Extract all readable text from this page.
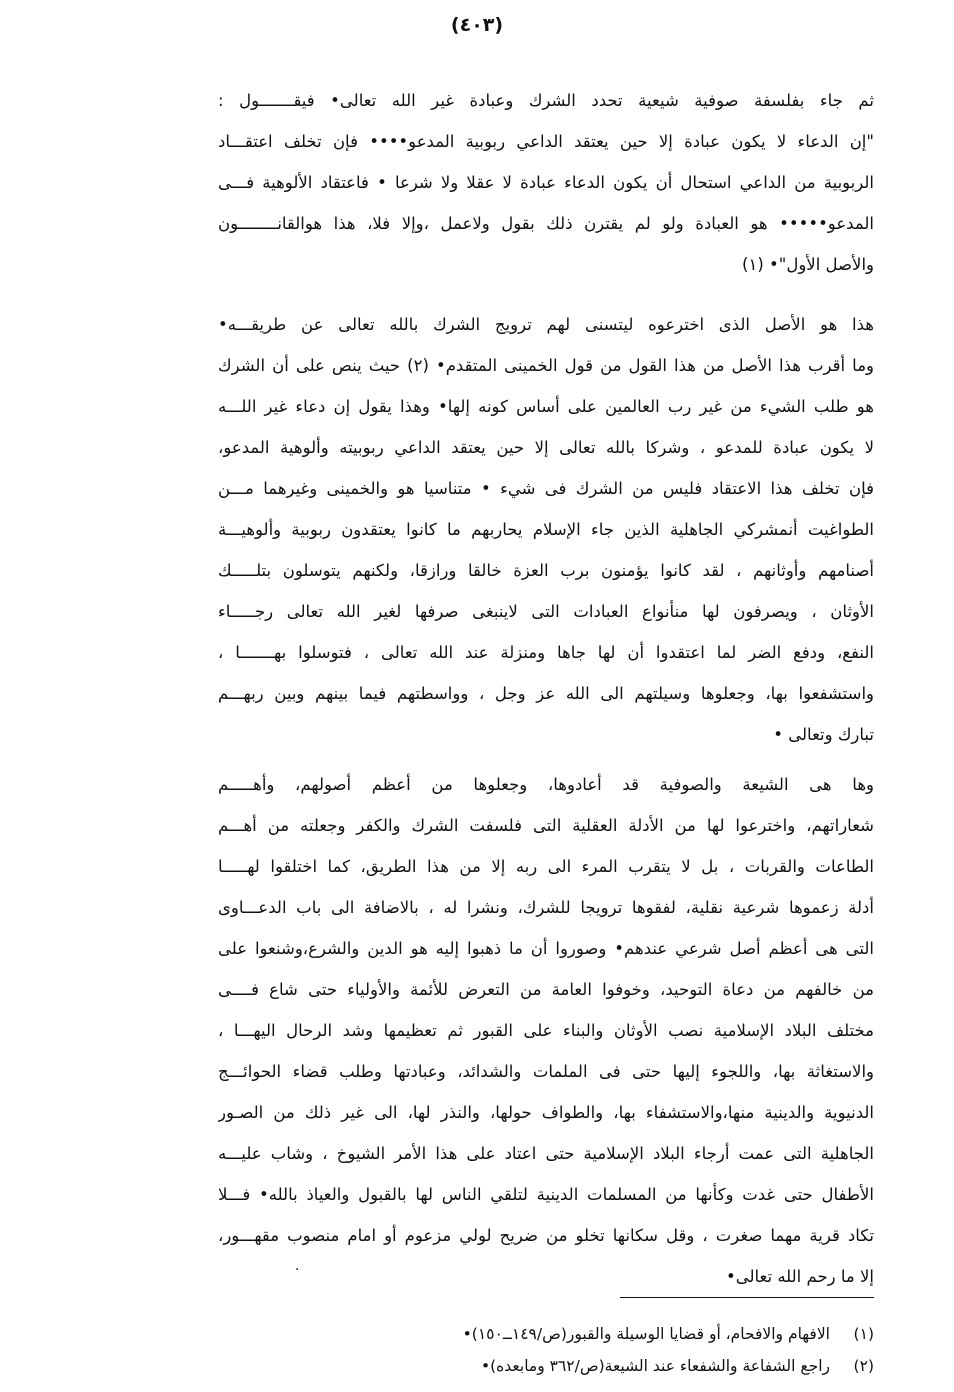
(٤٠٣)
ثم جاء بفلسفة صوفية شيعية تحدد الشرك وعبادة غير الله تعالى• فيقـــــــول :
"إن الدعاء لا يكون عبادة إلا حين يعتقد الداعي ربوبية المدعو•••• فإن تخلف اعتقـــاد
الربوبية من الداعي استحال أن يكون الدعاء عبادة لا عقلا ولا شرعا • فاعتقاد الألوهية فـــى
المدعو••••• هو العبادة ولو لم يقترن ذلك بقول ولاعمل ،وإلا فلا، هذا هوالقانــــــــون
والأصل الأول"• (١)
هذا هو الأصل الذى اخترعوه ليتسنى لهم ترويج الشرك بالله تعالى عن طريقـــه•
وما أقرب هذا الأصل من هذا القول من قول الخمينى المتقدم• (٢) حيث ينص على أن الشرك
هو طلب الشيء من غير رب العالمين على أساس كونه إلها• وهذا يقول إن دعاء غير اللـــه
لا يكون عبادة للمدعو ، وشركا بالله تعالى إلا حين يعتقد الداعي ربوبيته وألوهية المدعو،
فإن تخلف هذا الاعتقاد فليس من الشرك فى شيء • متناسيا هو والخمينى وغيرهما مـــن
الطواغيت أنمشركي الجاهلية الذين جاء الإسلام يحاربهم ما كانوا يعتقدون ربوبية وألوهيـــة
أصنامهم وأوثانهم ، لقد كانوا يؤمنون برب العزة خالقا ورازقا، ولكنهم يتوسلون بتلـــــك
الأوثان ، ويصرفون لها منأنواع العبادات التى لاينبغى صرفها لغير الله تعالى رجـــــاء
النفع، ودفع الضر لما اعتقدوا أن لها جاها ومنزلة عند الله تعالى ، فتوسلوا بهـــــــا ،
واستشفعوا بها، وجعلوها وسيلتهم الى الله عز وجل ، وواسطتهم فيما بينهم وبين ربهـــم
تبارك وتعالى •
وها هى الشيعة والصوفية قد أعادوها، وجعلوها من أعظم أصولهم، وأهـــــم
شعاراتهم، واخترعوا لها من الأدلة العقلية التى فلسفت الشرك والكفر وجعلته من أهـــم
الطاعات والقربات ، بل لا يتقرب المرء الى ربه إلا من هذا الطريق، كما اختلقوا لهـــــا
أدلة زعموها شرعية نقلية، لفقوها ترويجا للشرك، ونشرا له ، بالاضافة الى باب الدعـــاوى
التى هى أعظم أصل شرعي عندهم• وصوروا أن ما ذهبوا إليه هو الدين والشرع،وشنعوا على
من خالفهم من دعاة التوحيد، وخوفوا العامة من التعرض للأئمة والأولياء حتى شاع فــــى
مختلف البلاد الإسلامية نصب الأوثان والبناء على القبور ثم تعظيمها وشد الرحال اليهـــا ،
والاستغاثة بها، واللجوء إليها حتى فى الملمات والشدائد، وعبادتها وطلب قضاء الحوائـــج
الدنيوية والدينية منها،والاستشفاء بها، والطواف حولها، والنذر لها، الى غير ذلك من الصـور
الجاهلية التى عمت أرجاء البلاد الإسلامية حتى اعتاد على هذا الأمر الشيوخ ، وشاب عليـــه
الأطفال حتى غدت وكأنها من المسلمات الدينية لتلقي الناس لها بالقبول والعياذ بالله• فـــلا
تكاد قرية مهما صغرت ، وقل سكانها تخلو من ضريح لولي مزعوم أو امام منصوب مقهـــور،
إلا ما رحم الله تعالى•
.
(١)
الافهام والافحام، أو قضايا الوسيلة والقبور(ص/١٤٩ــ١٥٠)•
(٢)
راجع الشفاعة والشفعاء عند الشيعة(ص/٣٦٢ ومابعده)•
